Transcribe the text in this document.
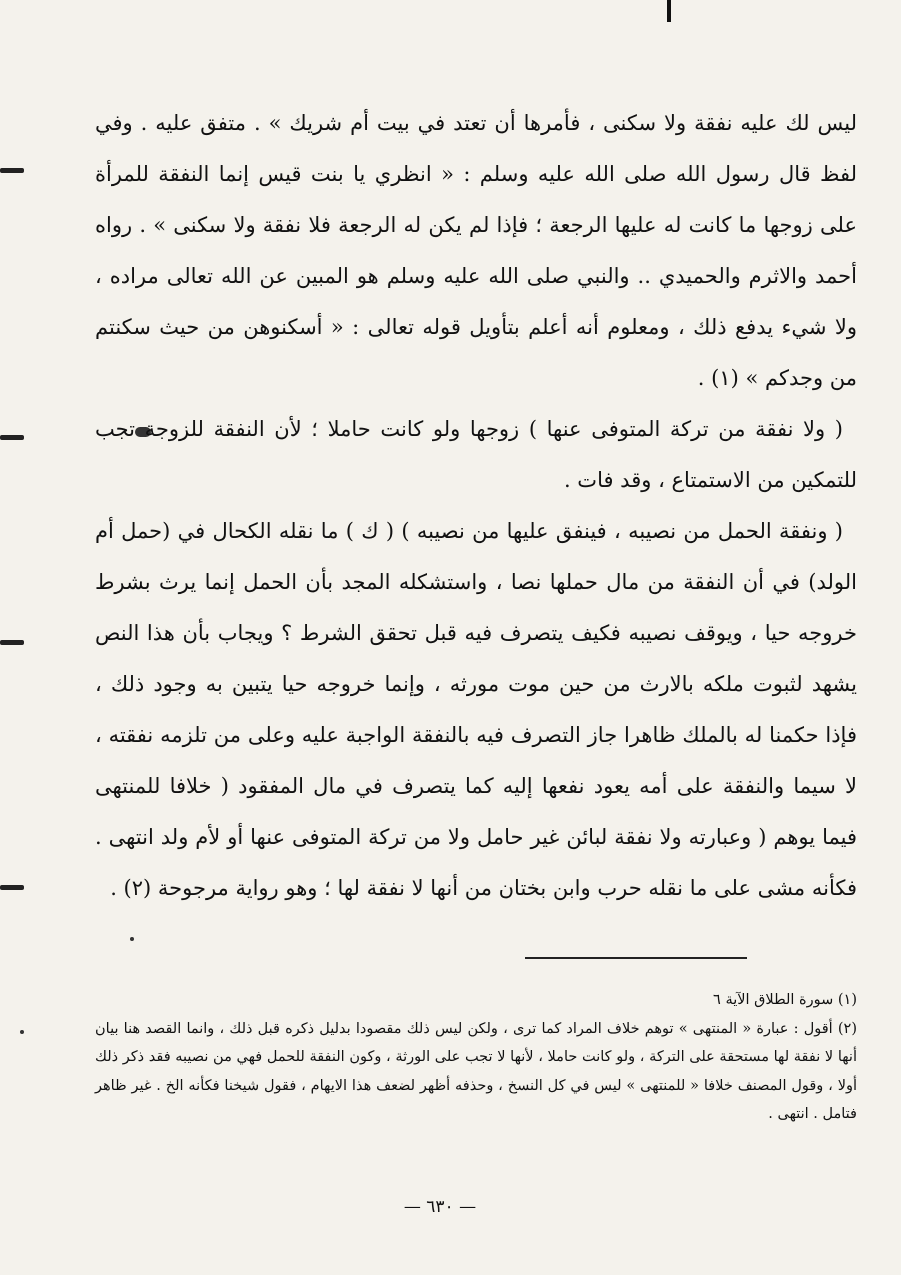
ليس لك عليه نفقة ولا سكنى ، فأمرها أن تعتد في بيت أم شريك » . متفق عليه . وفي لفظ قال رسول الله صلى الله عليه وسلم : « انظري يا بنت قيس إنما النفقة للمرأة على زوجها ما كانت له عليها الرجعة ؛ فإذا لم يكن له الرجعة فلا نفقة ولا سكنى » . رواه أحمد والاثرم والحميدي .. والنبي صلى الله عليه وسلم هو المبين عن الله تعالى مراده ، ولا شيء يدفع ذلك ، ومعلوم أنه أعلم بتأويل قوله تعالى : « أسكنوهن من حيث سكنتم من وجدكم » (١) .

( ولا نفقة من تركة المتوفى عنها ) زوجها ولو كانت حاملا ؛ لأن النفقة للزوجة تجب للتمكين من الاستمتاع ، وقد فات .

( ونفقة الحمل من نصيبه ، فينفق عليها من نصيبه ) ( ك ) ما نقله الكحال في (حمل أم الولد) في أن النفقة من مال حملها نصا ، واستشكله المجد بأن الحمل إنما يرث بشرط خروجه حيا ، ويوقف نصيبه فكيف يتصرف فيه قبل تحقق الشرط ؟ ويجاب بأن هذا النص يشهد لثبوت ملكه بالارث من حين موت مورثه ، وإنما خروجه حيا يتبين به وجود ذلك ، فإذا حكمنا له بالملك ظاهرا جاز التصرف فيه بالنفقة الواجبة عليه وعلى من تلزمه نفقته ، لا سيما والنفقة على أمه يعود نفعها إليه كما يتصرف في مال المفقود ( خلافا للمنتهى فيما يوهم ( وعبارته ولا نفقة لبائن غير حامل ولا من تركة المتوفى عنها أو لأم ولد انتهى . فكأنه مشى على ما نقله حرب وابن بختان من أنها لا نفقة لها ؛ وهو رواية مرجوحة (٢) .

(١) سورة الطلاق الآية ٦

(٢) أقول : عبارة « المنتهى » توهم خلاف المراد كما ترى ، ولكن ليس ذلك مقصودا بدليل ذكره قبل ذلك ، وانما القصد هنا بيان أنها لا نفقة لها مستحقة على التركة ، ولو كانت حاملا ، لأنها لا تجب على الورثة ، وكون النفقة للحمل فهي من نصيبه فقد ذكر ذلك أولا ، وقول المصنف خلافا « للمنتهى » ليس في كل النسخ ، وحذفه أظهر لضعف هذا الايهام ، فقول شيخنا فكأنه الخ . غير ظاهر فتامل . انتهى .

— ٦٣٠ —
